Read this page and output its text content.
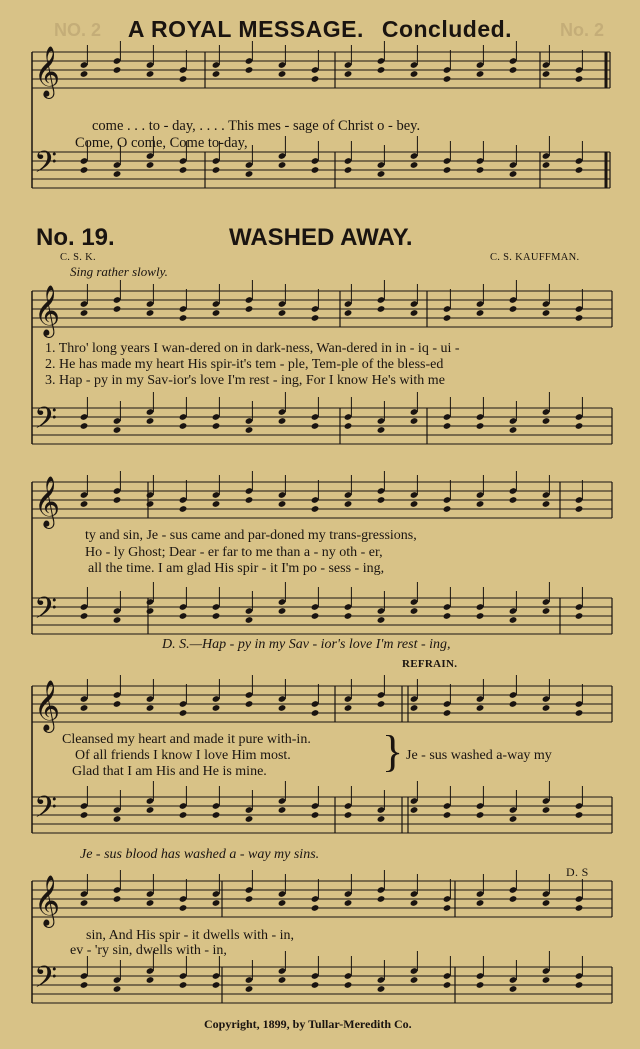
NO. 2	No. 2
A ROYAL MESSAGE. Concluded.
𝄞
𝄢
𝄞
𝄢
𝄞
𝄢
𝄞
𝄢
𝄞
𝄢
come . . . to - day, . . . . This mes - sage of Christ o - bey.
Come, O come, Come to-day,
No. 19.	WASHED AWAY.
C. S. K.	C. S. KAUFFMAN.
Sing rather slowly.
1. Thro' long years I wan-dered on in dark-ness, Wan-dered in in - iq - ui -
2. He has made my heart His spir-it's tem - ple, Tem-ple of the bless-ed
3. Hap - py in my Sav-ior's love I'm rest - ing, For I know He's with me
ty and sin, Je - sus came and par-doned my trans-gressions,
Ho - ly Ghost; Dear - er far to me than a - ny oth - er,
all the time. I am glad His spir - it I'm po - sess - ing,
D. S.—Hap - py in my Sav - ior's love I'm rest - ing,
REFRAIN.
Cleansed my heart and made it pure with-in.
Of all friends I know I love Him most.
Glad that I am His and He is mine.
Je - sus washed a-way my
}
Je - sus blood has washed a - way my sins.
D. S
sin, And His spir - it dwells with - in,
ev - 'ry sin, dwells with - in,
Copyright, 1899, by Tullar-Meredith Co.
